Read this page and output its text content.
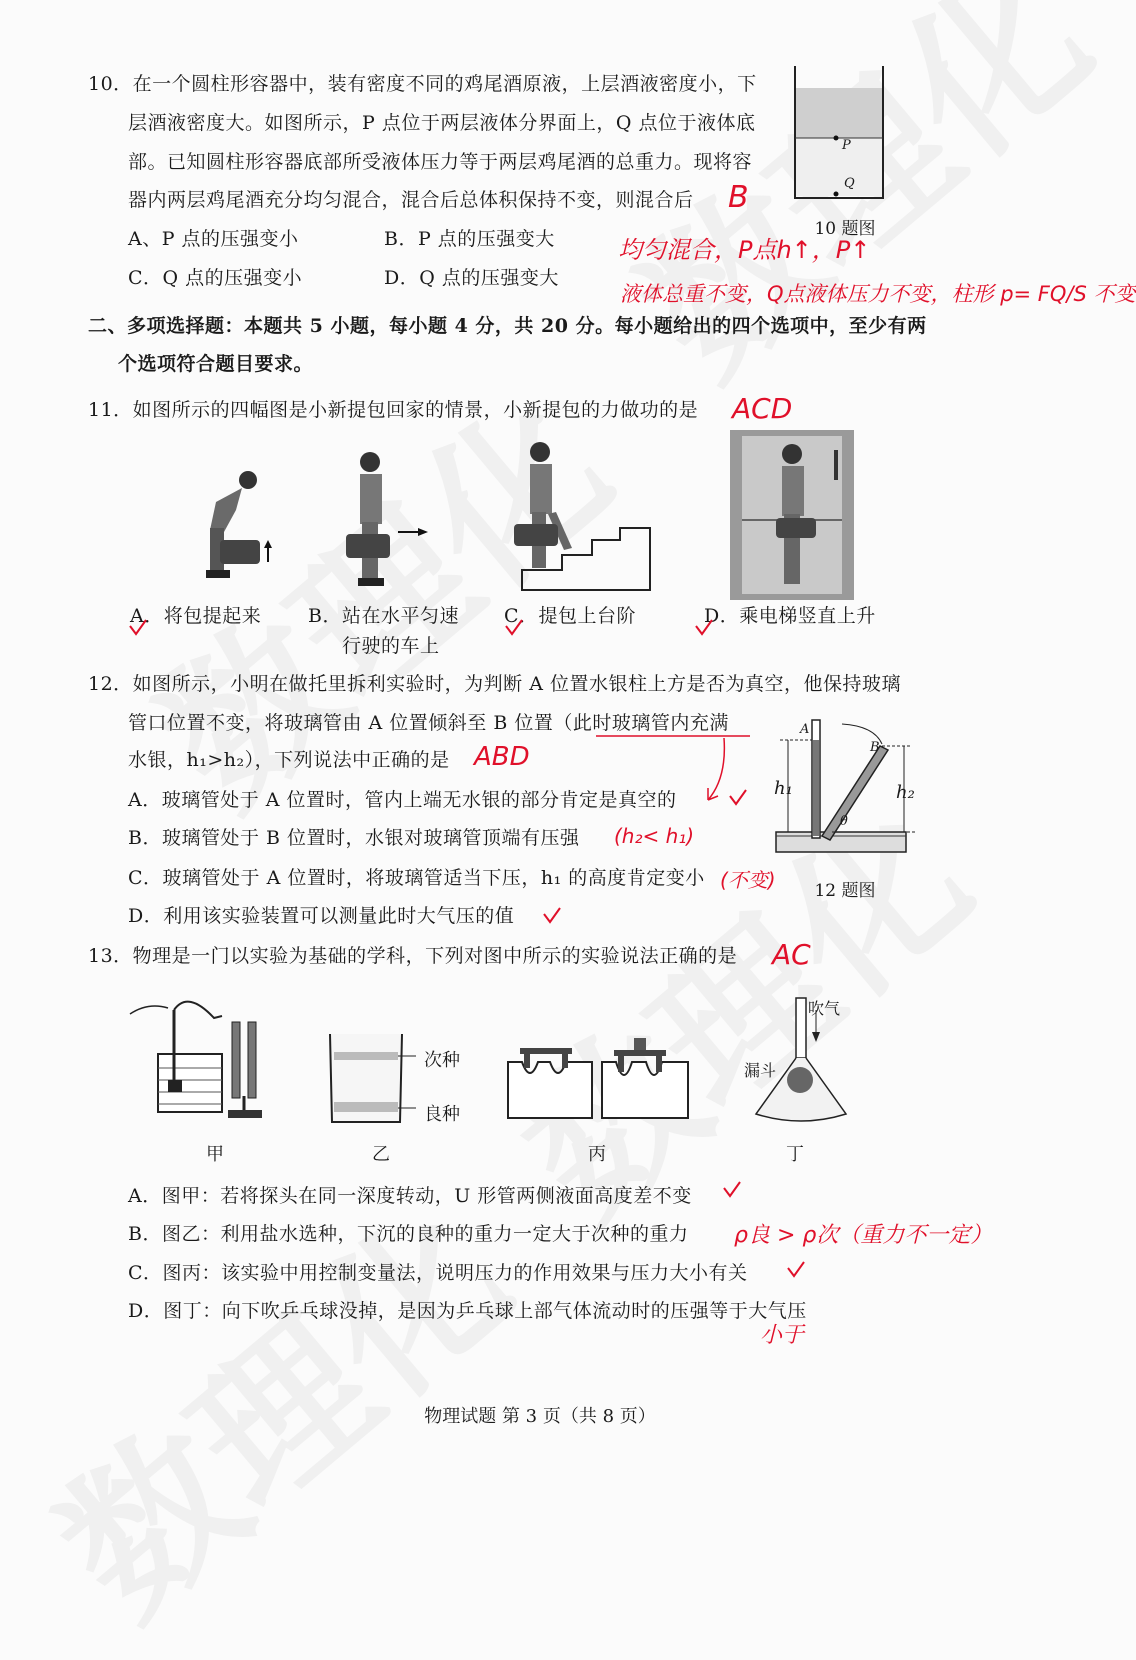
10．在一个圆柱形容器中，装有密度不同的鸡尾酒原液，上层酒液密度小，下
层酒液密度大。如图所示，P 点位于两层液体分界面上，Q 点位于液体底
部。已知圆柱形容器底部所受液体压力等于两层鸡尾酒的总重力。现将容
器内两层鸡尾酒充分均匀混合，混合后总体积保持不变，则混合后 B
A、P 点的压强变小	B．P 点的压强变大
C．Q 点的压强变小	D．Q 点的压强变大
P
Q
10 题图
均匀混合，P点h↑，P↑
液体总重不变，Q点液体压力不变，柱形 p= FQ/S 不变
二、多项选择题：本题共 5 小题，每小题 4 分，共 20 分。每小题给出的四个选项中，至少有两
个选项符合题目要求。
11．如图所示的四幅图是小新提包回家的情景，小新提包的力做功的是 ACD
A．将包提起来 B．站在水平匀速
行驶的车上
C．提包上台阶	D．乘电梯竖直上升
12．如图所示，小明在做托里拆利实验时，为判断 A 位置水银柱上方是否为真空，他保持玻璃
管口位置不变，将玻璃管由 A 位置倾斜至 B 位置（此时玻璃管内充满
水银，h₁>h₂），下列说法中正确的是 ABD
A．玻璃管处于 A 位置时，管内上端无水银的部分肯定是真空的
B．玻璃管处于 B 位置时，水银对玻璃管顶端有压强 (h₂< h₁)
C．玻璃管处于 A 位置时，将玻璃管适当下压，h₁ 的高度肯定变小 (不变)
D．利用该实验装置可以测量此时大气压的值
A
B
h₁	h₂
θ
12 题图
13．物理是一门以实验为基础的学科，下列对图中所示的实验说法正确的是 AC
次种
良种
吹气
漏斗
甲	乙	丙	丁
A．图甲：若将探头在同一深度转动，U 形管两侧液面高度差不变
B．图乙：利用盐水选种，下沉的良种的重力一定大于次种的重力 ρ良 > ρ次（重力不一定）
C．图丙：该实验中用控制变量法，说明压力的作用效果与压力大小有关
D．图丁：向下吹乒乓球没掉，是因为乒乓球上部气体流动时的压强等于大气压
小于
物理试题 第 3 页（共 8 页）
